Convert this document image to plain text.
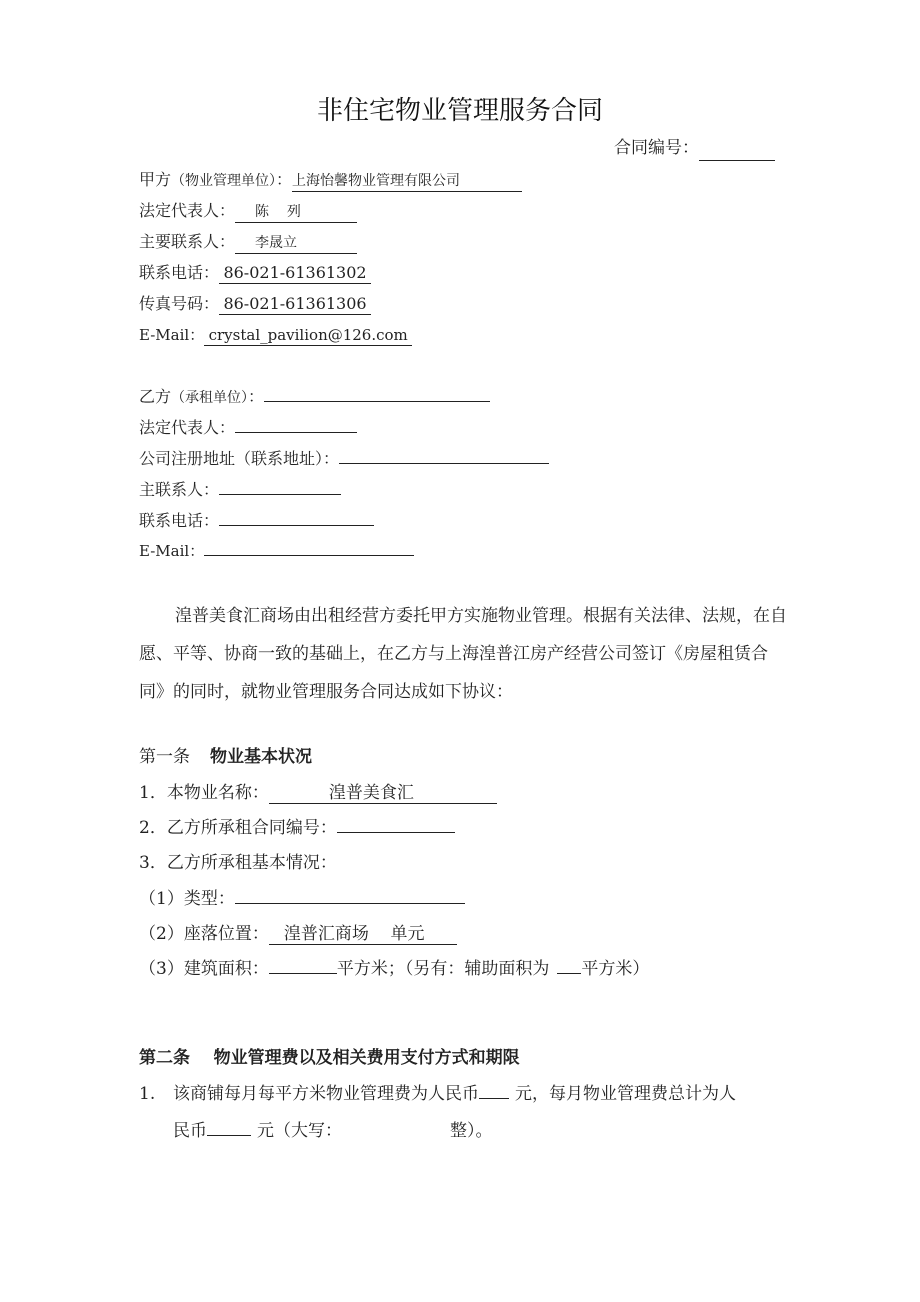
非住宅物业管理服务合同
合同编号：
甲方（物业管理单位）：上海怡馨物业管理有限公司
法定代表人： 陈    列
主要联系人： 李晟立
联系电话： 86-021-61361302
传真号码： 86-021-61361306
E-Mail： crystal_pavilion@126.com
乙方（承租单位）：
法定代表人：
公司注册地址（联系地址）：
主联系人：
联系电话：
E-Mail：
湟普美食汇商场由出租经营方委托甲方实施物业管理。根据有关法律、法规，在自愿、平等、协商一致的基础上，在乙方与上海湟普江房产经营公司签订《房屋租赁合同》的同时，就物业管理服务合同达成如下协议：
第一条 物业基本状况
1．本物业名称：	湟普美食汇
2．乙方所承租合同编号：
3．乙方所承租基本情况：
（1）类型：
（2）座落位置： 湟普汇商场    单元
（3）建筑面积：	平方米；（另有：辅助面积为 平方米）
第二条    物业管理费以及相关费用支付方式和期限
1. 该商铺每月每平方米物业管理费为人民币 元，每月物业管理费总计为人
民币	元（大写：	整）。
